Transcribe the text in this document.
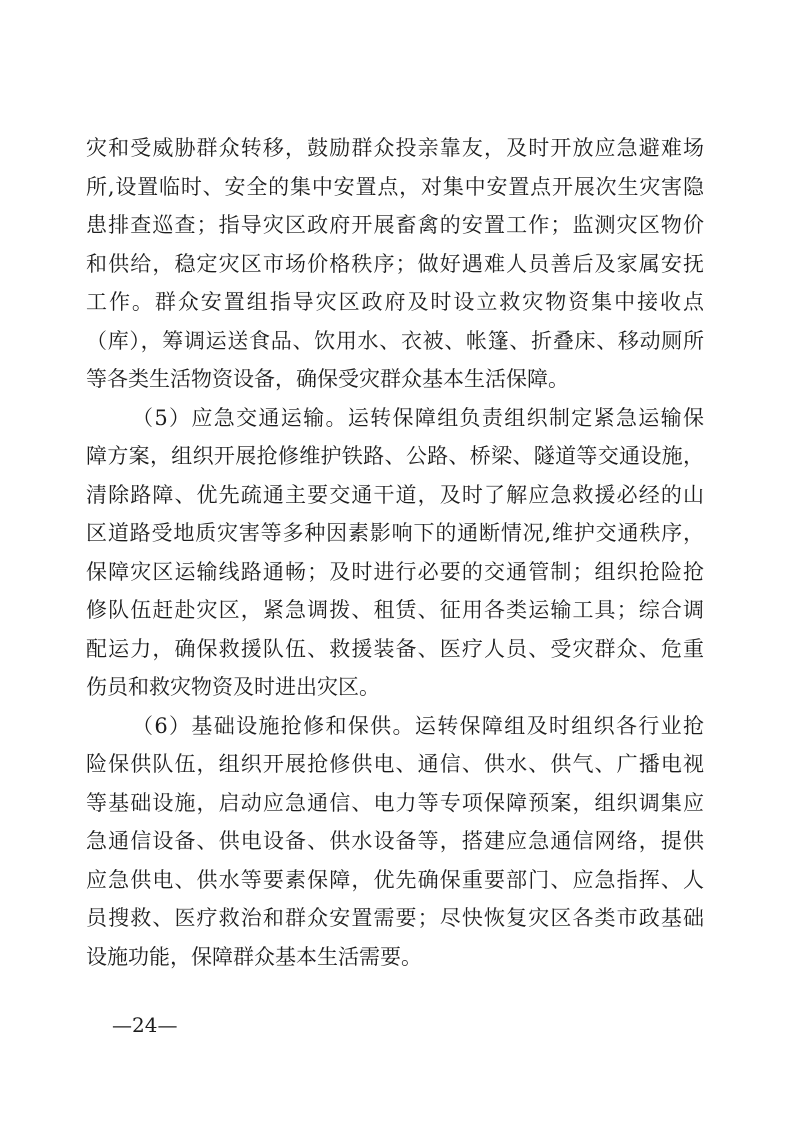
灾和受威胁群众转移，鼓励群众投亲靠友，及时开放应急避难场
所,设置临时、安全的集中安置点，对集中安置点开展次生灾害隐
患排查巡查；指导灾区政府开展畜禽的安置工作；监测灾区物价
和供给，稳定灾区市场价格秩序；做好遇难人员善后及家属安抚
工作。群众安置组指导灾区政府及时设立救灾物资集中接收点
（库），筹调运送食品、饮用水、衣被、帐篷、折叠床、移动厕所
等各类生活物资设备，确保受灾群众基本生活保障。
（5）应急交通运输。运转保障组负责组织制定紧急运输保
障方案，组织开展抢修维护铁路、公路、桥梁、隧道等交通设施，
清除路障、优先疏通主要交通干道，及时了解应急救援必经的山
区道路受地质灾害等多种因素影响下的通断情况,维护交通秩序，
保障灾区运输线路通畅；及时进行必要的交通管制；组织抢险抢
修队伍赶赴灾区，紧急调拨、租赁、征用各类运输工具；综合调
配运力，确保救援队伍、救援装备、医疗人员、受灾群众、危重
伤员和救灾物资及时进出灾区。
（6）基础设施抢修和保供。运转保障组及时组织各行业抢
险保供队伍，组织开展抢修供电、通信、供水、供气、广播电视
等基础设施，启动应急通信、电力等专项保障预案，组织调集应
急通信设备、供电设备、供水设备等，搭建应急通信网络，提供
应急供电、供水等要素保障，优先确保重要部门、应急指挥、人
员搜救、医疗救治和群众安置需要；尽快恢复灾区各类市政基础
设施功能，保障群众基本生活需要。
—24—
